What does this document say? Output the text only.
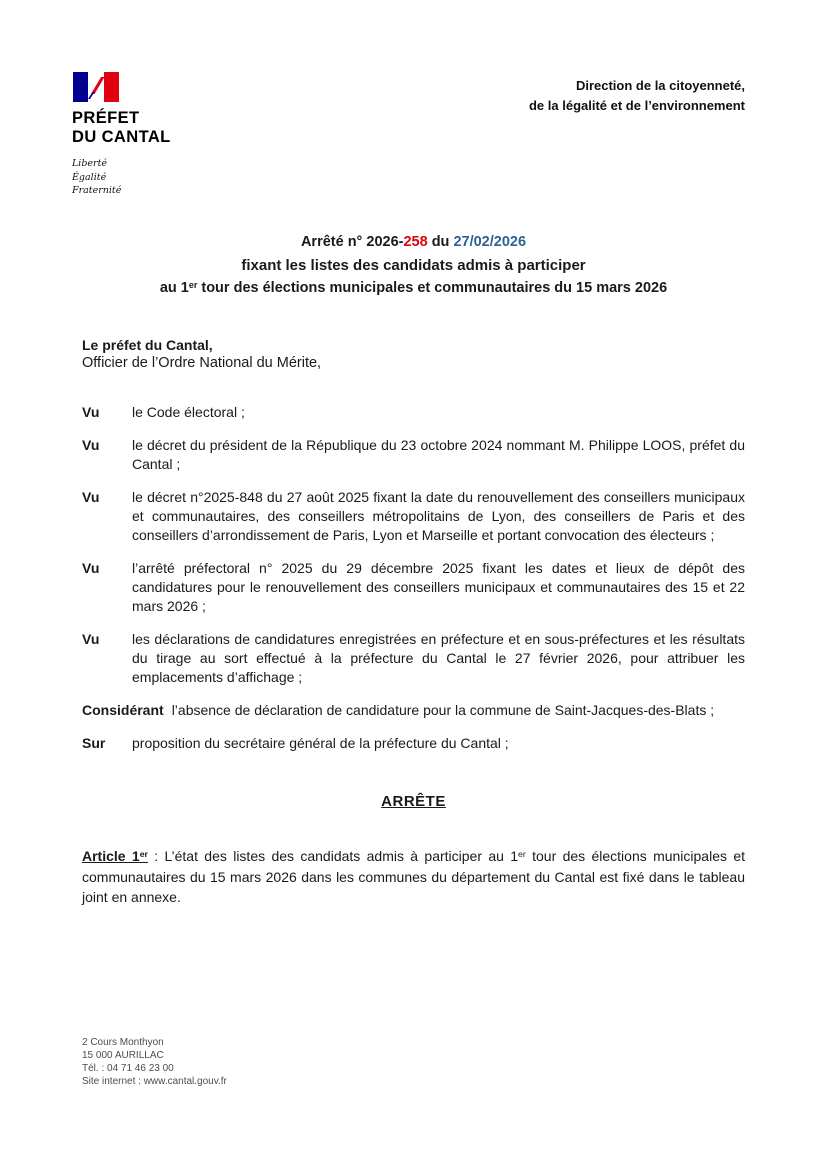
PRÉFET
DU CANTAL
Liberté
Égalité
Fraternité
Direction de la citoyenneté,
de la légalité et de l’environnement
Arrêté n° 2026-258 du 27/02/2026
fixant les listes des candidats admis à participer
au 1er tour des élections municipales et communautaires du 15 mars 2026
Le préfet du Cantal,
Officier de l’Ordre National du Mérite,
Vu le Code électoral ;
Vu le décret du président de la République du 23 octobre 2024 nommant M. Philippe LOOS, préfet du Cantal ;
Vu le décret n°2025-848 du 27 août 2025 fixant la date du renouvellement des conseillers municipaux et communautaires, des conseillers métropolitains de Lyon, des conseillers de Paris et des conseillers d’arrondissement de Paris, Lyon et Marseille et portant convocation des électeurs ;
Vu l’arrêté préfectoral n° 2025 du 29 décembre 2025 fixant les dates et lieux de dépôt des candidatures pour le renouvellement des conseillers municipaux et communautaires des 15 et 22 mars 2026 ;
Vu les déclarations de candidatures enregistrées en préfecture et en sous-préfectures et les résultats du tirage au sort effectué à la préfecture du Cantal le 27 février 2026, pour attribuer les emplacements d’affichage ;
Considérant l’absence de déclaration de candidature pour la commune de Saint-Jacques-des-Blats ;
Sur proposition du secrétaire général de la préfecture du Cantal ;
ARRÊTE

Article 1er : L’état des listes des candidats admis à participer au 1er tour des élections municipales et communautaires du 15 mars 2026 dans les communes du département du Cantal est fixé dans le tableau joint en annexe.

2 Cours Monthyon
15 000 AURILLAC
Tél. : 04 71 46 23 00
Site internet : www.cantal.gouv.fr
